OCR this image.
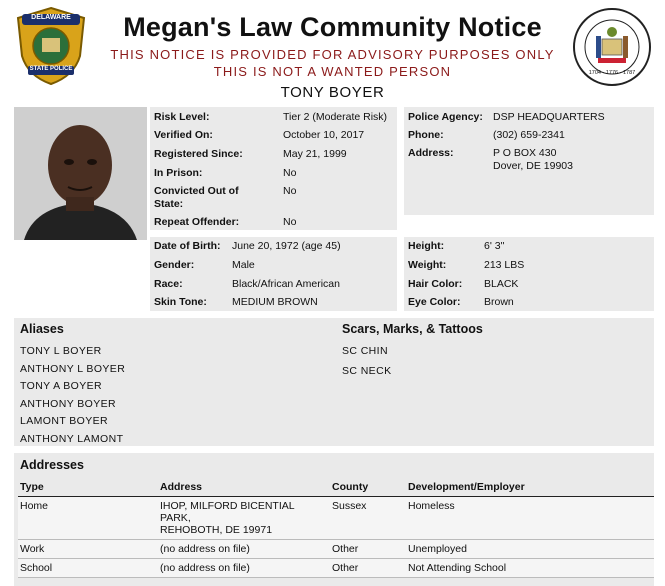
DELAWARE
STATE POLICE
1704 · 1776 · 1787
Megan's Law Community Notice
THIS NOTICE IS PROVIDED FOR ADVISORY PURPOSES ONLY
THIS IS NOT A WANTED PERSON
TONY BOYER
Risk Level:	Tier 2 (Moderate Risk)
Verified On:	October 10, 2017
Registered Since:	May 21, 1999
In Prison:	No
Convicted Out of
State:
No
Repeat Offender:	No
Police Agency: DSP HEADQUARTERS
Phone:	(302) 659-2341
Address:	P O BOX 430
Dover, DE 19903
Date of Birth: June 20, 1972 (age 45)
Gender:	Male
Race:	Black/African American
Skin Tone: MEDIUM BROWN
Height:	6' 3"
Weight:	213 LBS
Hair Color: BLACK
Eye Color: Brown
Aliases
TONY L BOYER
ANTHONY L BOYER
TONY A BOYER
ANTHONY BOYER
LAMONT BOYER
ANTHONY LAMONT
Scars, Marks, & Tattoos
SC CHIN
SC NECK
Addresses
Type	Address	County	Development/Employer
Home	IHOP, MILFORD BICENTIAL
PARK,
REHOBOTH, DE 19971	Sussex	Homeless
Work	(no address on file)	Other	Unemployed
School	(no address on file)	Other	Not Attending School
